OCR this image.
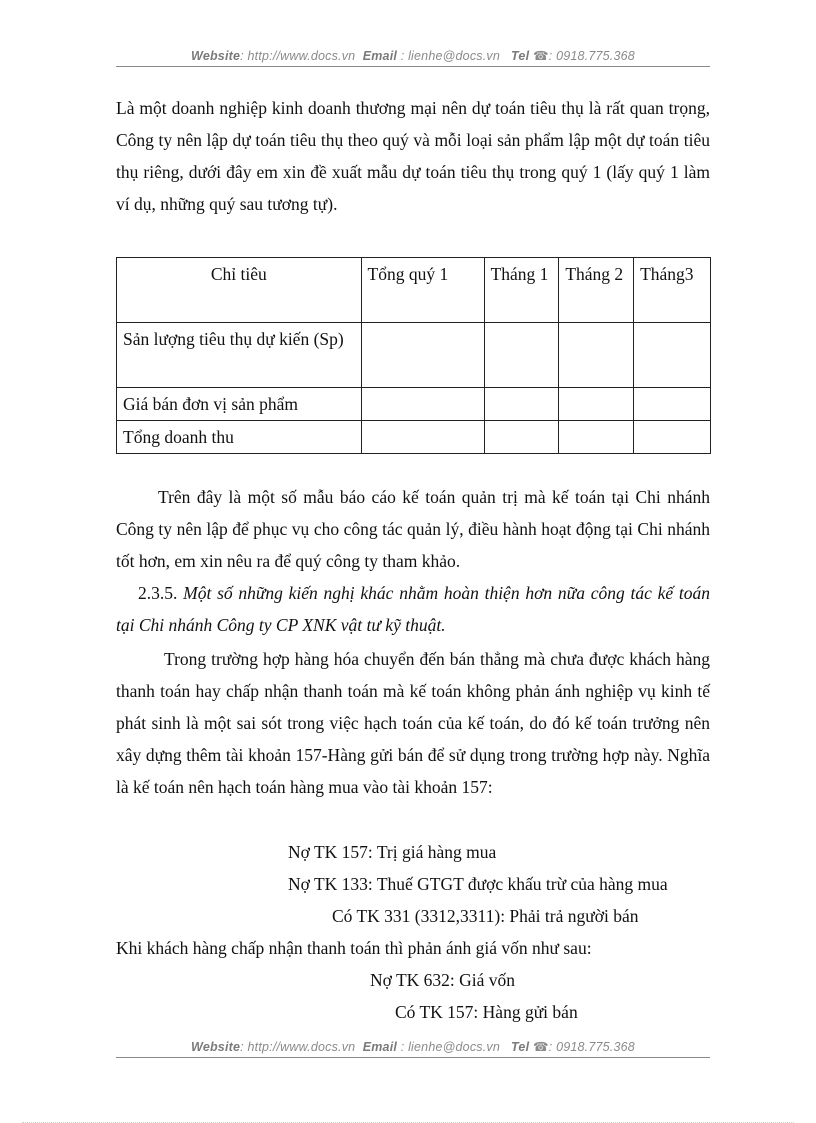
Website: http://www.docs.vn Email : lienhe@docs.vn Tel ☎: 0918.775.368

Là một doanh nghiệp kinh doanh thương mại nên dự toán tiêu thụ là rất quan trọng, Công ty nên lập dự toán tiêu thụ theo quý và mỗi loại sản phẩm lập một dự toán tiêu thụ riêng, dưới đây em xin đề xuất mẫu dự toán tiêu thụ trong quý 1 (lấy quý 1 làm ví dụ, những quý sau tương tự).

Chỉ tiêu	Tổng quý 1	Tháng 1	Tháng 2	Tháng3
Sản lượng tiêu thụ dự kiến (Sp)				
Giá bán đơn vị sản phẩm				
Tổng doanh thu				

Trên đây là một số mẫu báo cáo kế toán quản trị mà kế toán tại Chi nhánh Công ty nên lập để phục vụ cho công tác quản lý, điều hành hoạt động tại Chi nhánh tốt hơn, em xin nêu ra để quý công ty tham khảo.

2.3.5. Một số những kiến nghị khác nhằm hoàn thiện hơn nữa công tác kế toán tại Chi nhánh Công ty CP XNK vật tư kỹ thuật.

Trong trường hợp hàng hóa chuyển đến bán thẳng mà chưa được khách hàng thanh toán hay chấp nhận thanh toán mà kế toán không phản ánh nghiệp vụ kinh tế phát sinh là một sai sót trong việc hạch toán của kế toán, do đó kế toán trưởng nên xây dựng thêm tài khoản 157-Hàng gửi bán để sử dụng trong trường hợp này. Nghĩa là kế toán nên hạch toán hàng mua vào tài khoản 157:

Nợ TK 157: Trị giá hàng mua
Nợ TK 133: Thuế GTGT được khấu trừ của hàng mua
Có TK 331 (3312,3311): Phải trả người bán
Khi khách hàng chấp nhận thanh toán thì phản ánh giá vốn như sau:
Nợ TK 632: Giá vốn
Có TK 157: Hàng gửi bán
Website: http://www.docs.vn Email : lienhe@docs.vn Tel ☎: 0918.775.368
